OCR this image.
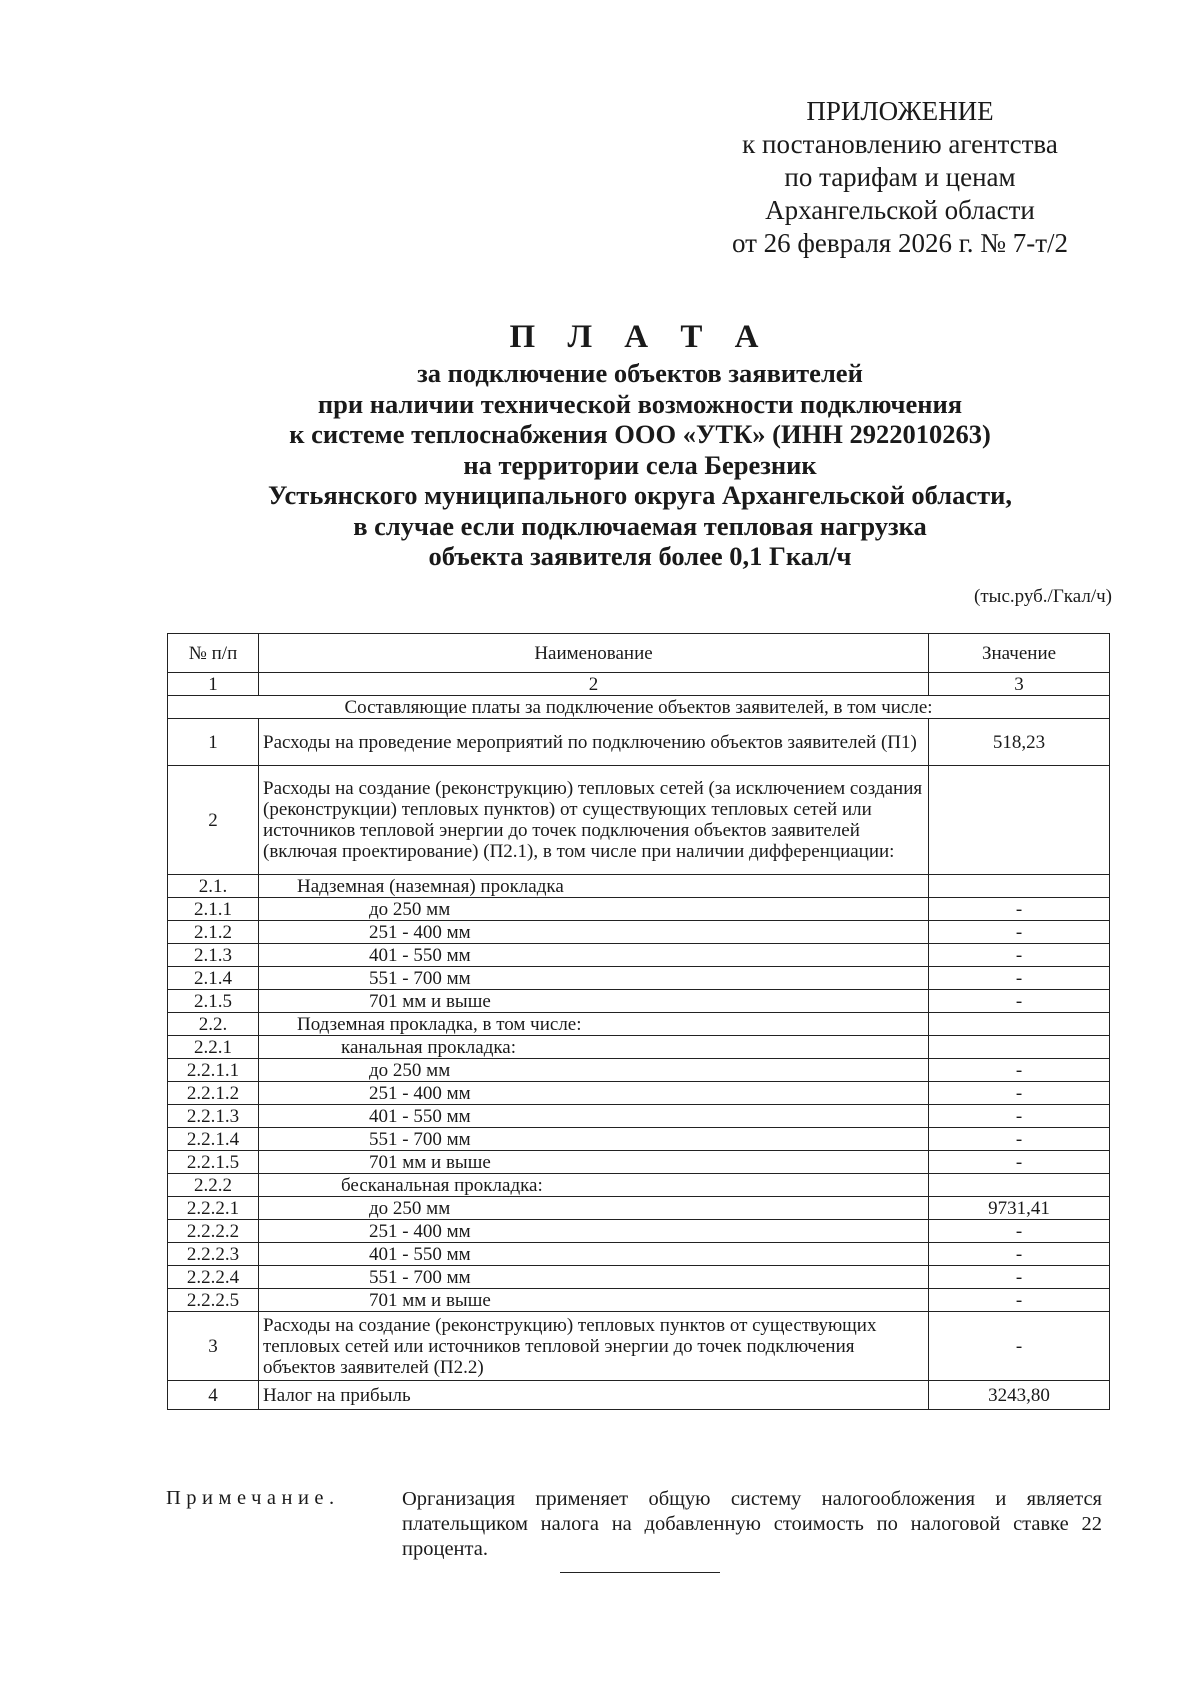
ПРИЛОЖЕНИЕ
к постановлению агентства
по тарифам и ценам
Архангельской области
от 26 февраля 2026 г. № 7-т/2
П Л А Т А
за подключение объектов заявителей
при наличии технической возможности подключения
к системе теплоснабжения ООО «УТК» (ИНН 2922010263)
на территории села Березник
Устьянского муниципального округа Архангельской области,
в случае если подключаемая тепловая нагрузка
объекта заявителя более 0,1 Гкал/ч
(тыс.руб./Гкал/ч)
№ п/п	Наименование	Значение
1	2	3
Составляющие платы за подключение объектов заявителей, в том числе:		
1	Расходы на проведение мероприятий по подключению объектов заявителей (П1)	518,23
2	Расходы на создание (реконструкцию) тепловых сетей (за исключением создания (реконструкции) тепловых пунктов) от существующих тепловых сетей или источников тепловой энергии до точек подключения объектов заявителей (включая проектирование) (П2.1), в том числе при наличии дифференциации:	
2.1.	Надземная (наземная) прокладка	
2.1.1	до 250 мм	-
2.1.2	251 - 400 мм	-
2.1.3	401 - 550 мм	-
2.1.4	551 - 700 мм	-
2.1.5	701 мм и выше	-
2.2.	Подземная прокладка, в том числе:	
2.2.1	канальная прокладка:	
2.2.1.1	до 250 мм	-
2.2.1.2	251 - 400 мм	-
2.2.1.3	401 - 550 мм	-
2.2.1.4	551 - 700 мм	-
2.2.1.5	701 мм и выше	-
2.2.2	бесканальная прокладка:	
2.2.2.1	до 250 мм	9731,41
2.2.2.2	251 - 400 мм	-
2.2.2.3	401 - 550 мм	-
2.2.2.4	551 - 700 мм	-
2.2.2.5	701 мм и выше	-
3	Расходы на создание (реконструкцию) тепловых пунктов от существующих тепловых сетей или источников тепловой энергии до точек подключения объектов заявителей (П2.2)	-
4	Налог на прибыль	3243,80
Примечание.	Организация применяет общую систему налогообложения и является плательщиком налога на добавленную стоимость по налоговой ставке 22 процента.
